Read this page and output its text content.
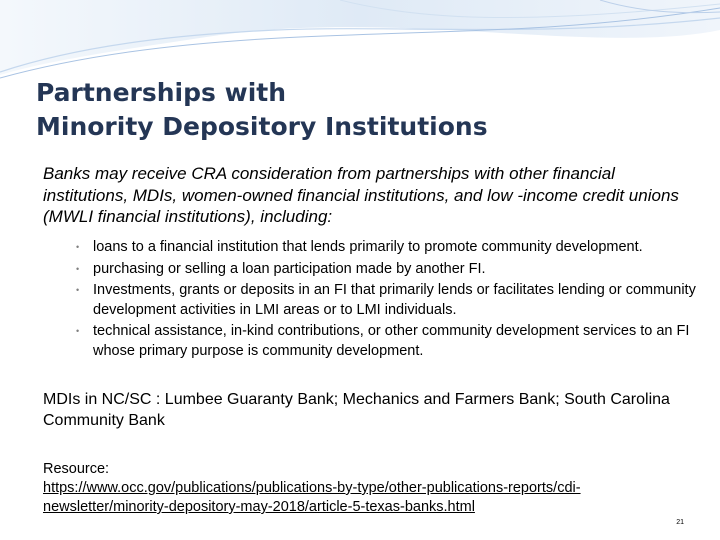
Partnerships with
Minority Depository Institutions

Banks may receive CRA consideration from partnerships with other financial institutions, MDIs, women-owned financial institutions, and low -income credit unions (MWLI financial institutions), including:

• loans to a financial institution that lends primarily to promote community development.
• purchasing or selling a loan participation made by another FI.
• Investments, grants or deposits in an FI that primarily lends or facilitates lending or community development activities in LMI areas or to LMI individuals.
• technical assistance, in-kind contributions, or other community development services to an FI whose primary purpose is community development.

MDIs in NC/SC : Lumbee Guaranty Bank; Mechanics and Farmers Bank; South Carolina Community Bank

Resource:
https://www.occ.gov/publications/publications-by-type/other-publications-reports/cdi-newsletter/minority-depository-may-2018/article-5-texas-banks.html
21
